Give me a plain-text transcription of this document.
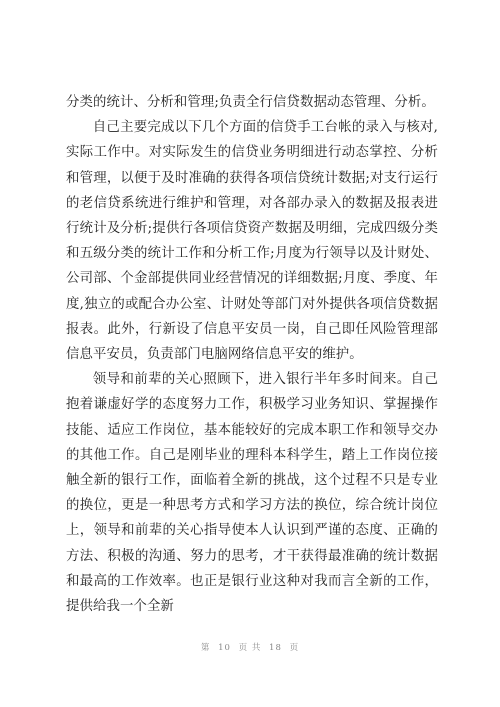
分类的统计、分析和管理;负责全行信贷数据动态管理、分析。

自己主要完成以下几个方面的信贷手工台帐的录入与核对,实际工作中。对实际发生的信贷业务明细进行动态掌控、分析和管理，以便于及时准确的获得各项信贷统计数据;对支行运行的老信贷系统进行维护和管理，对各部办录入的数据及报表进行统计及分析;提供行各项信贷资产数据及明细，完成四级分类和五级分类的统计工作和分析工作;月度为行领导以及计财处、公司部、个金部提供同业经营情况的详细数据;月度、季度、年度,独立的或配合办公室、计财处等部门对外提供各项信贷数据报表。此外，行新设了信息平安员一岗，自己即任风险管理部信息平安员，负责部门电脑网络信息平安的维护。

领导和前辈的关心照顾下，进入银行半年多时间来。自己抱着谦虚好学的态度努力工作，积极学习业务知识、掌握操作技能、适应工作岗位，基本能较好的完成本职工作和领导交办的其他工作。自己是刚毕业的理科本科学生，踏上工作岗位接触全新的银行工作，面临着全新的挑战，这个过程不只是专业的换位，更是一种思考方式和学习方法的换位，综合统计岗位上，领导和前辈的关心指导使本人认识到严谨的态度、正确的方法、积极的沟通、努力的思考，才干获得最准确的统计数据和最高的工作效率。也正是银行业这种对我而言全新的工作，提供给我一个全新

第 10 页 共 18 页
